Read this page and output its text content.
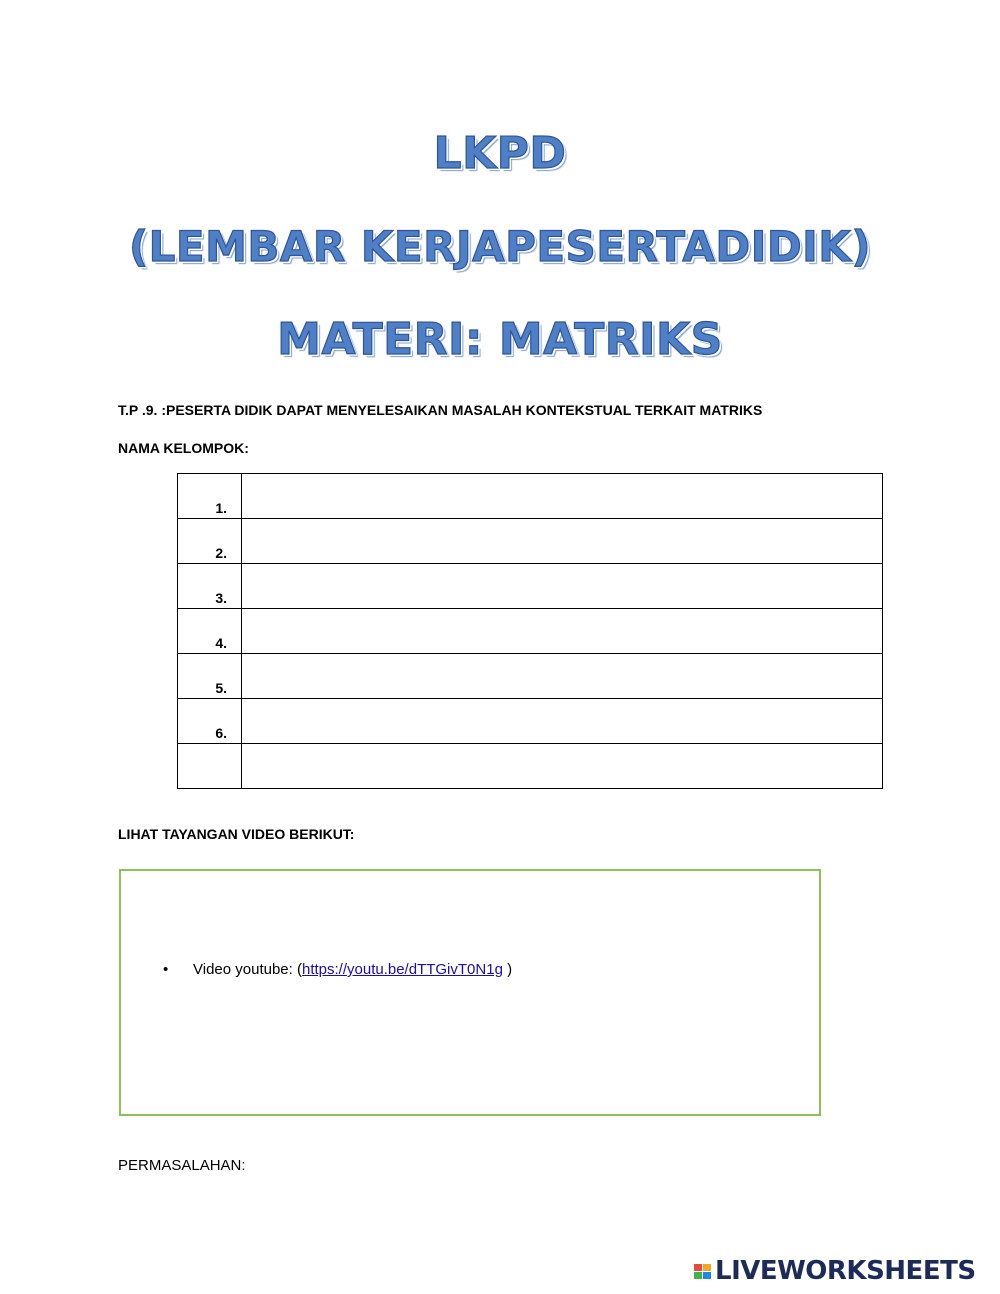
LKPD
(LEMBAR KERJAPESERTADIDIK)
MATERI: MATRIKS
T.P .9. :PESERTA DIDIK DAPAT MENYELESAIKAN MASALAH KONTEKSTUAL TERKAIT MATRIKS
NAMA KELOMPOK:
1.	
2.	
3.	
4.	
5.	
6.	

LIHAT TAYANGAN VIDEO BERIKUT:
• Video youtube: (https://youtu.be/dTTGivT0N1g )
PERMASALAHAN:
LIVEWORKSHEETS
